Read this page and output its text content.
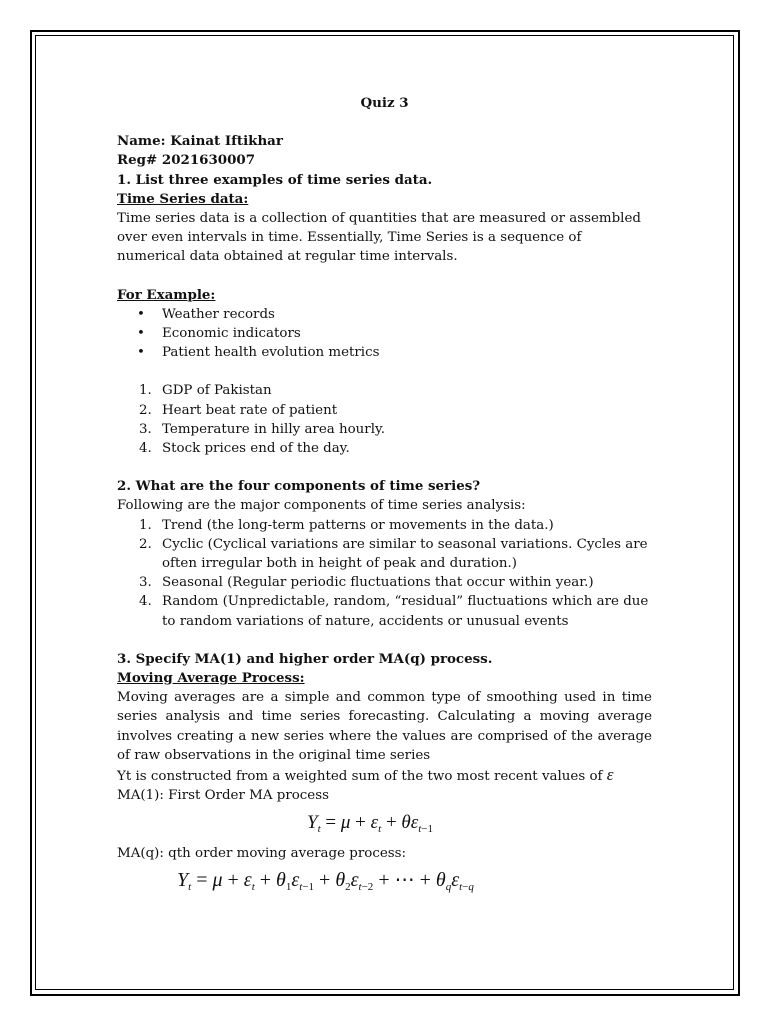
Quiz 3

Name: Kainat Iftikhar

Reg# 2021630007

1. List three examples of time series data.

Time Series data:

Time series data is a collection of quantities that are measured or assembled over even intervals in time. Essentially, Time Series is a sequence of numerical data obtained at regular time intervals.

For Example:

• Weather records
• Economic indicators
• Patient health evolution metrics
1. GDP of Pakistan
2. Heart beat rate of patient
3. Temperature in hilly area hourly.
4. Stock prices end of the day.

2. What are the four components of time series?

Following are the major components of time series analysis:

1. Trend (the long-term patterns or movements in the data.)
2. Cyclic (Cyclical variations are similar to seasonal variations. Cycles are often irregular both in height of peak and duration.)
3. Seasonal (Regular periodic fluctuations that occur within year.)
4. Random (Unpredictable, random, “residual” fluctuations which are due to random variations of nature, accidents or unusual events

3. Specify MA(1) and higher order MA(q) process.

Moving Average Process:

Moving averages are a simple and common type of smoothing used in time series analysis and time series forecasting. Calculating a moving average involves creating a new series where the values are comprised of the average of raw observations in the original time series

Yt is constructed from a weighted sum of the two most recent values of ε

MA(1): First Order MA process

$Y_t = \mu + \varepsilon_t + \theta\varepsilon_{t-1}$

MA(q): qth order moving average process:

$Y_t = \mu + \varepsilon_t + \theta_1\varepsilon_{t-1} + \theta_2\varepsilon_{t-2}$ + ⋯ + $\theta_q\varepsilon_{t-q}$
